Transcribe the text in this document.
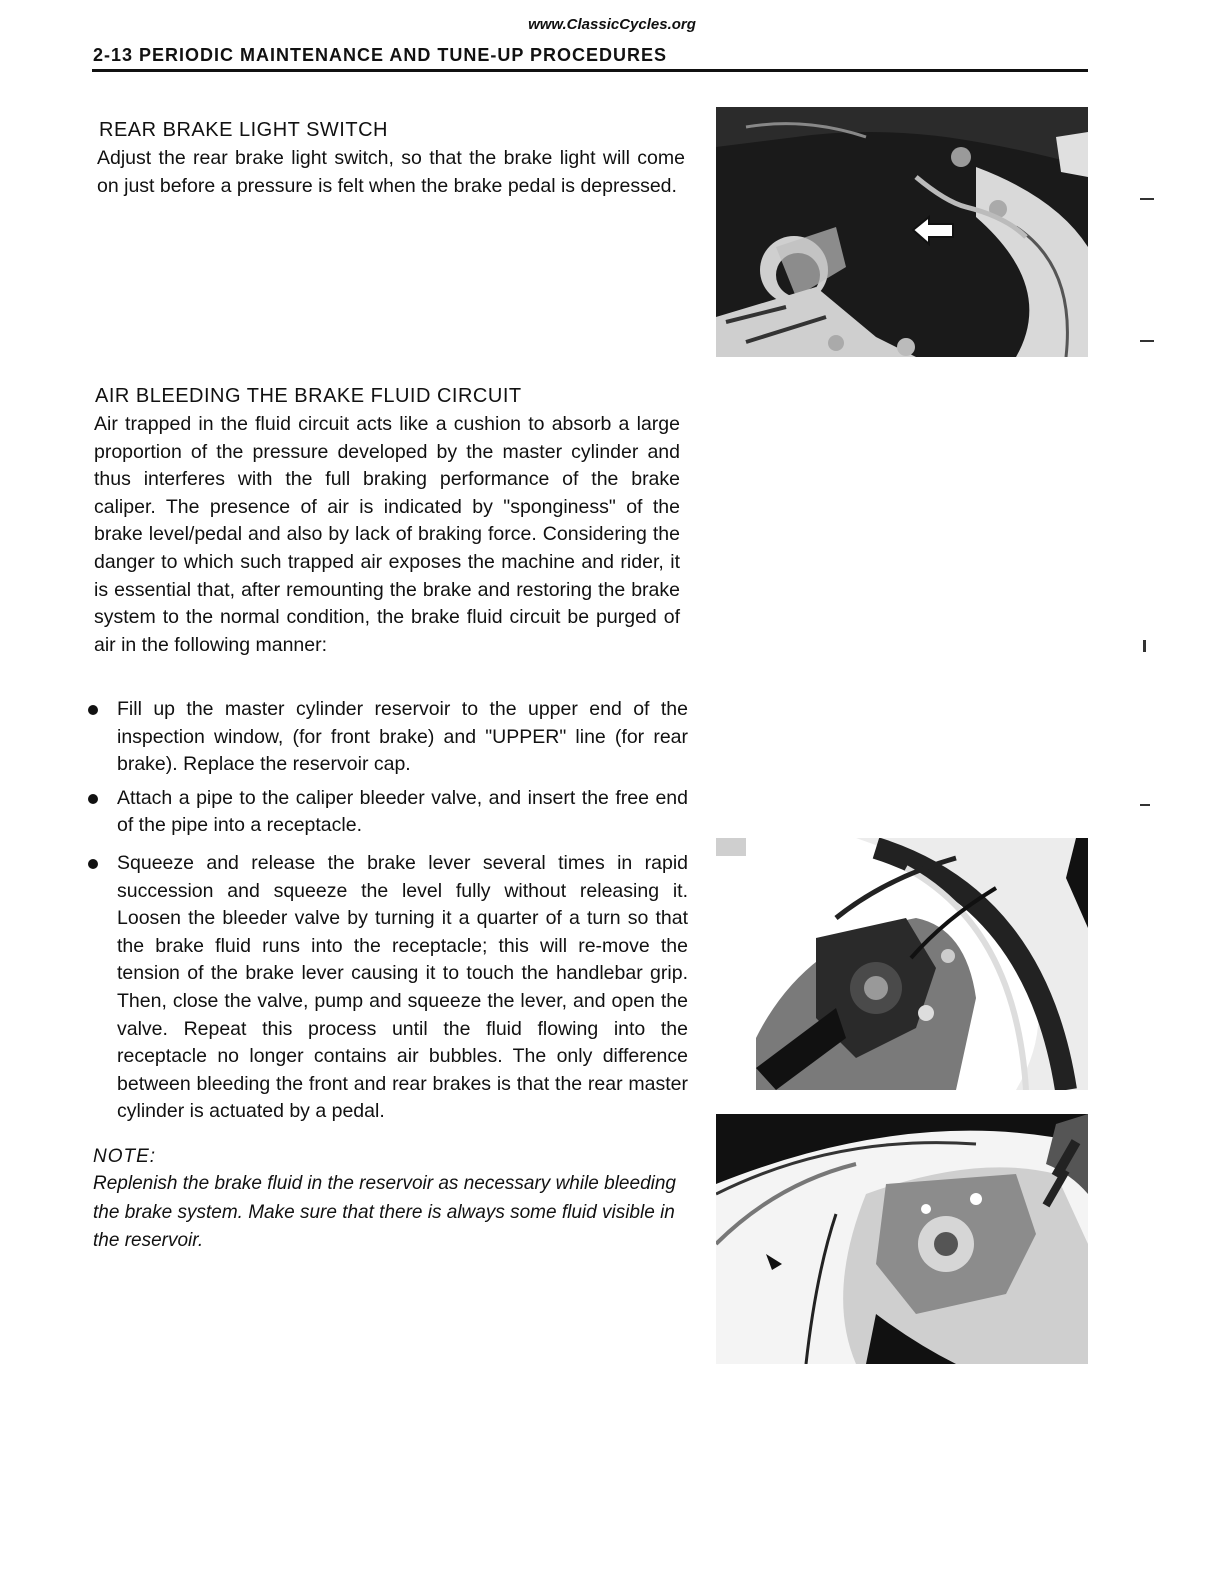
www.ClassicCycles.org
2-13 PERIODIC MAINTENANCE AND TUNE-UP PROCEDURES
REAR BRAKE LIGHT SWITCH
Adjust the rear brake light switch, so that the brake light will come on just before a pressure is felt when the brake pedal is depressed.
AIR BLEEDING THE BRAKE FLUID CIRCUIT
Air trapped in the fluid circuit acts like a cushion to absorb a large proportion of the pressure developed by the master cylinder and thus interferes with the full braking performance of the brake caliper. The presence of air is indicated by "sponginess" of the brake level/pedal and also by lack of braking force. Considering the danger to which such trapped air exposes the machine and rider, it is essential that, after remounting the brake and restoring the brake system to the normal condition, the brake fluid circuit be purged of air in the following manner:
Fill up the master cylinder reservoir to the upper end of the inspection window, (for front brake) and "UPPER" line (for rear brake). Replace the reservoir cap.
Attach a pipe to the caliper bleeder valve, and insert the free end of the pipe into a receptacle.
Squeeze and release the brake lever several times in rapid succession and squeeze the level fully without releasing it. Loosen the bleeder valve by turning it a quarter of a turn so that the brake fluid runs into the receptacle; this will re-move the tension of the brake lever causing it to touch the handlebar grip. Then, close the valve, pump and squeeze the lever, and open the valve. Repeat this process until the fluid flowing into the receptacle no longer contains air bubbles. The only difference between bleeding the front and rear brakes is that the rear master cylinder is actuated by a pedal.
NOTE:
Replenish the brake fluid in the reservoir as necessary while bleeding the brake system. Make sure that there is always some fluid visible in the reservoir.
